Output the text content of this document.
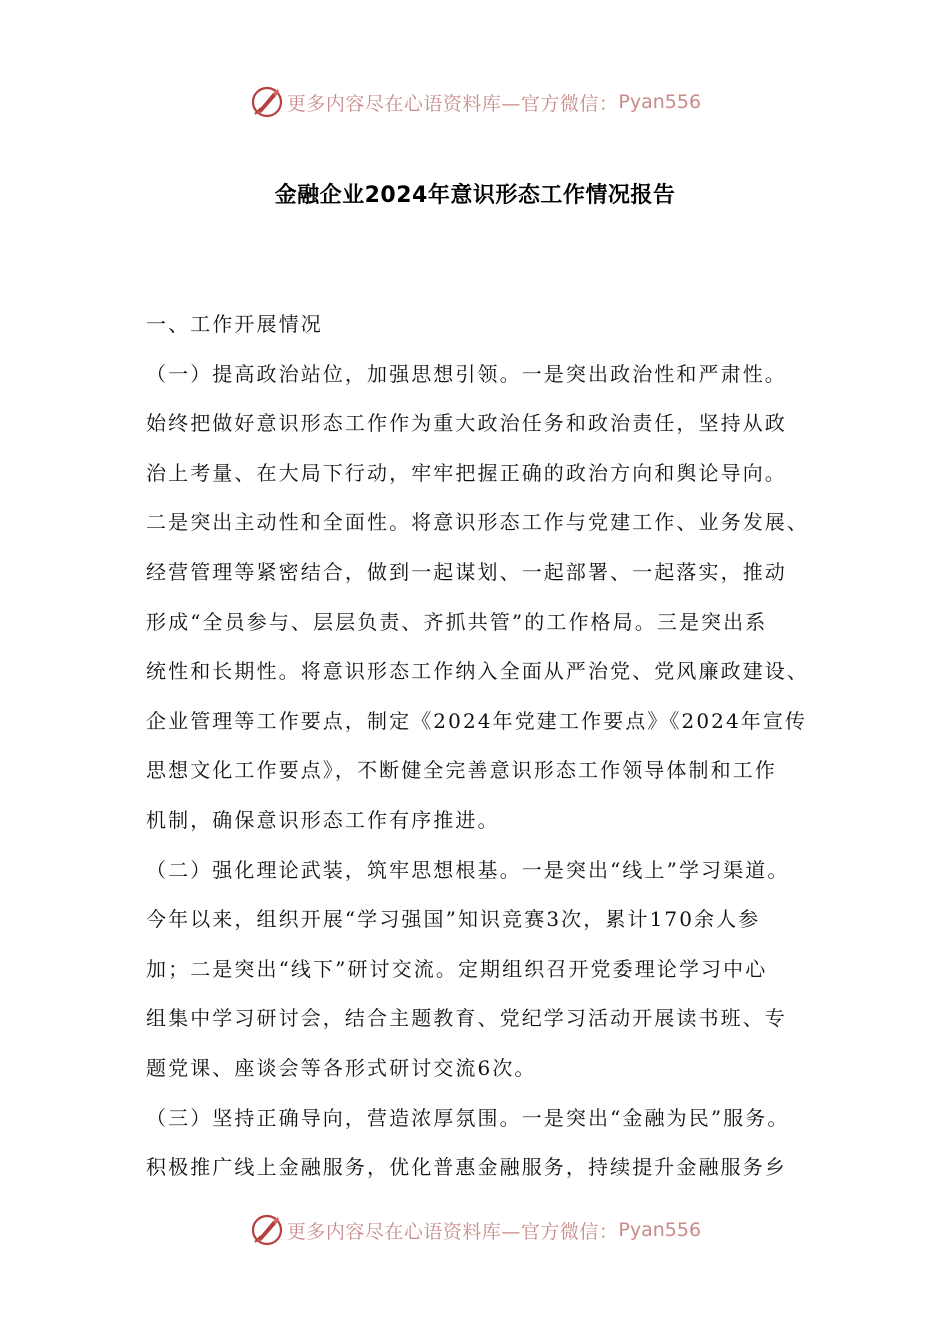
更多内容尽在心语资料库—官方微信： Pyan556
金融企业2024年意识形态工作情况报告
一、工作开展情况
（一）提高政治站位，加强思想引领。一是突出政治性和严肃性。
始终把做好意识形态工作作为重大政治任务和政治责任，坚持从政
治上考量、在大局下行动，牢牢把握正确的政治方向和舆论导向。
二是突出主动性和全面性。将意识形态工作与党建工作、业务发展、
经营管理等紧密结合，做到一起谋划、一起部署、一起落实，推动
形成“全员参与、层层负责、齐抓共管”的工作格局。三是突出系
统性和长期性。将意识形态工作纳入全面从严治党、党风廉政建设、
企业管理等工作要点，制定《2024年党建工作要点》《2024年宣传
思想文化工作要点》，不断健全完善意识形态工作领导体制和工作
机制，确保意识形态工作有序推进。
（二）强化理论武装，筑牢思想根基。一是突出“线上”学习渠道。
今年以来，组织开展“学习强国”知识竞赛3次，累计170余人参
加；二是突出“线下”研讨交流。定期组织召开党委理论学习中心
组集中学习研讨会，结合主题教育、党纪学习活动开展读书班、专
题党课、座谈会等各形式研讨交流6次。
（三）坚持正确导向，营造浓厚氛围。一是突出“金融为民”服务。
积极推广线上金融服务，优化普惠金融服务，持续提升金融服务乡
更多内容尽在心语资料库—官方微信： Pyan556
